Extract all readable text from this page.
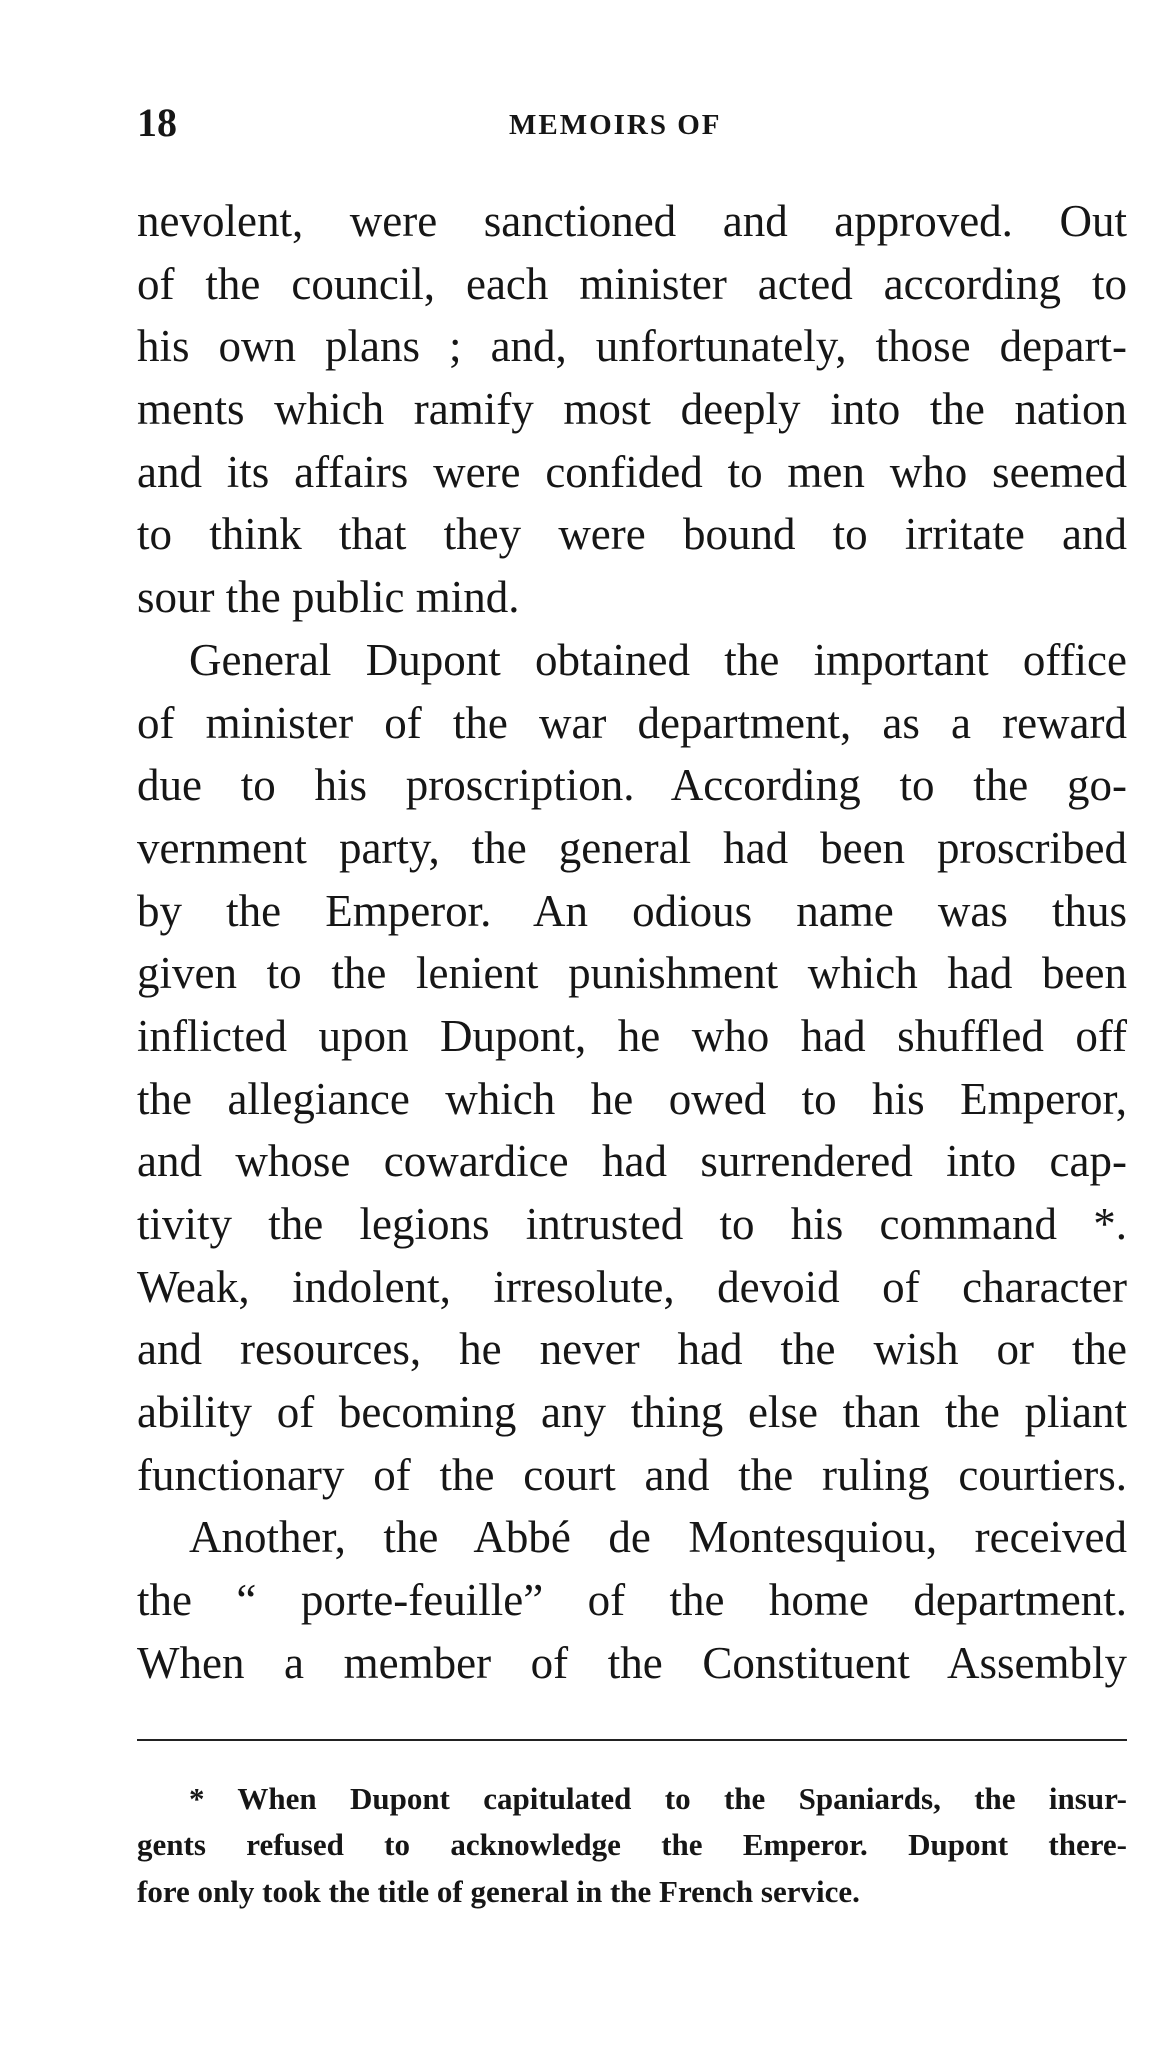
18	MEMOIRS OF
nevolent, were sanctioned and approved. Out
of the council, each minister acted according to
his own plans ; and, unfortunately, those depart-
ments which ramify most deeply into the nation
and its affairs were confided to men who seemed
to think that they were bound to irritate and
sour the public mind.
General Dupont obtained the important office
of minister of the war department, as a reward
due to his proscription. According to the go-
vernment party, the general had been proscribed
by the Emperor. An odious name was thus
given to the lenient punishment which had been
inflicted upon Dupont, he who had shuffled off
the allegiance which he owed to his Emperor,
and whose cowardice had surrendered into cap-
tivity the legions intrusted to his command *.
Weak, indolent, irresolute, devoid of character
and resources, he never had the wish or the
ability of becoming any thing else than the pliant
functionary of the court and the ruling courtiers.
Another, the Abbé de Montesquiou, received
the “ porte-feuille” of the home department.
When a member of the Constituent Assembly
* When Dupont capitulated to the Spaniards, the insur-
gents refused to acknowledge the Emperor. Dupont there-
fore only took the title of general in the French service.
